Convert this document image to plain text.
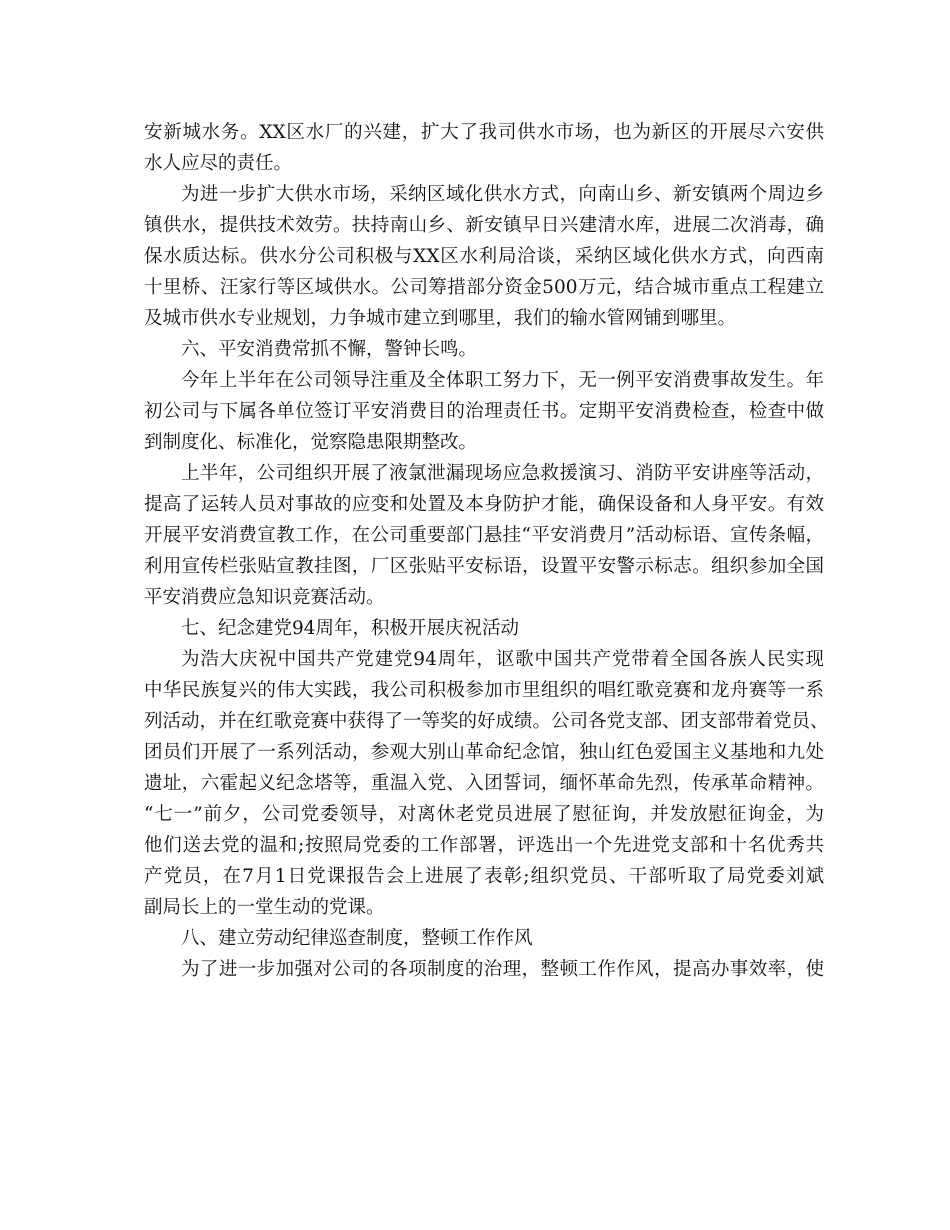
安新城水务。XX区水厂的兴建，扩大了我司供水市场，也为新区的开展尽六安供
水人应尽的责任。
为进一步扩大供水市场，采纳区域化供水方式，向南山乡、新安镇两个周边乡
镇供水，提供技术效劳。扶持南山乡、新安镇早日兴建清水库，进展二次消毒，确
保水质达标。供水分公司积极与XX区水利局洽谈，采纳区域化供水方式，向西南
十里桥、汪家行等区域供水。公司筹措部分资金500万元，结合城市重点工程建立
及城市供水专业规划，力争城市建立到哪里，我们的输水管网铺到哪里。
六、平安消费常抓不懈，警钟长鸣。
今年上半年在公司领导注重及全体职工努力下，无一例平安消费事故发生。年
初公司与下属各单位签订平安消费目的治理责任书。定期平安消费检查，检查中做
到制度化、标准化，觉察隐患限期整改。
上半年，公司组织开展了液氯泄漏现场应急救援演习、消防平安讲座等活动，
提高了运转人员对事故的应变和处置及本身防护才能，确保设备和人身平安。有效
开展平安消费宣教工作，在公司重要部门悬挂“平安消费月”活动标语、宣传条幅，
利用宣传栏张贴宣教挂图，厂区张贴平安标语，设置平安警示标志。组织参加全国
平安消费应急知识竞赛活动。
七、纪念建党94周年，积极开展庆祝活动
为浩大庆祝中国共产党建党94周年，讴歌中国共产党带着全国各族人民实现
中华民族复兴的伟大实践，我公司积极参加市里组织的唱红歌竞赛和龙舟赛等一系
列活动，并在红歌竞赛中获得了一等奖的好成绩。公司各党支部、团支部带着党员、
团员们开展了一系列活动，参观大别山革命纪念馆，独山红色爱国主义基地和九处
遗址，六霍起义纪念塔等，重温入党、入团誓词，缅怀革命先烈，传承革命精神。
“七一”前夕，公司党委领导，对离休老党员进展了慰征询，并发放慰征询金，为
他们送去党的温和;按照局党委的工作部署，评选出一个先进党支部和十名优秀共
产党员，在7月1日党课报告会上进展了表彰;组织党员、干部听取了局党委刘斌
副局长上的一堂生动的党课。
八、建立劳动纪律巡查制度，整顿工作作风
为了进一步加强对公司的各项制度的治理，整顿工作作风，提高办事效率，使
